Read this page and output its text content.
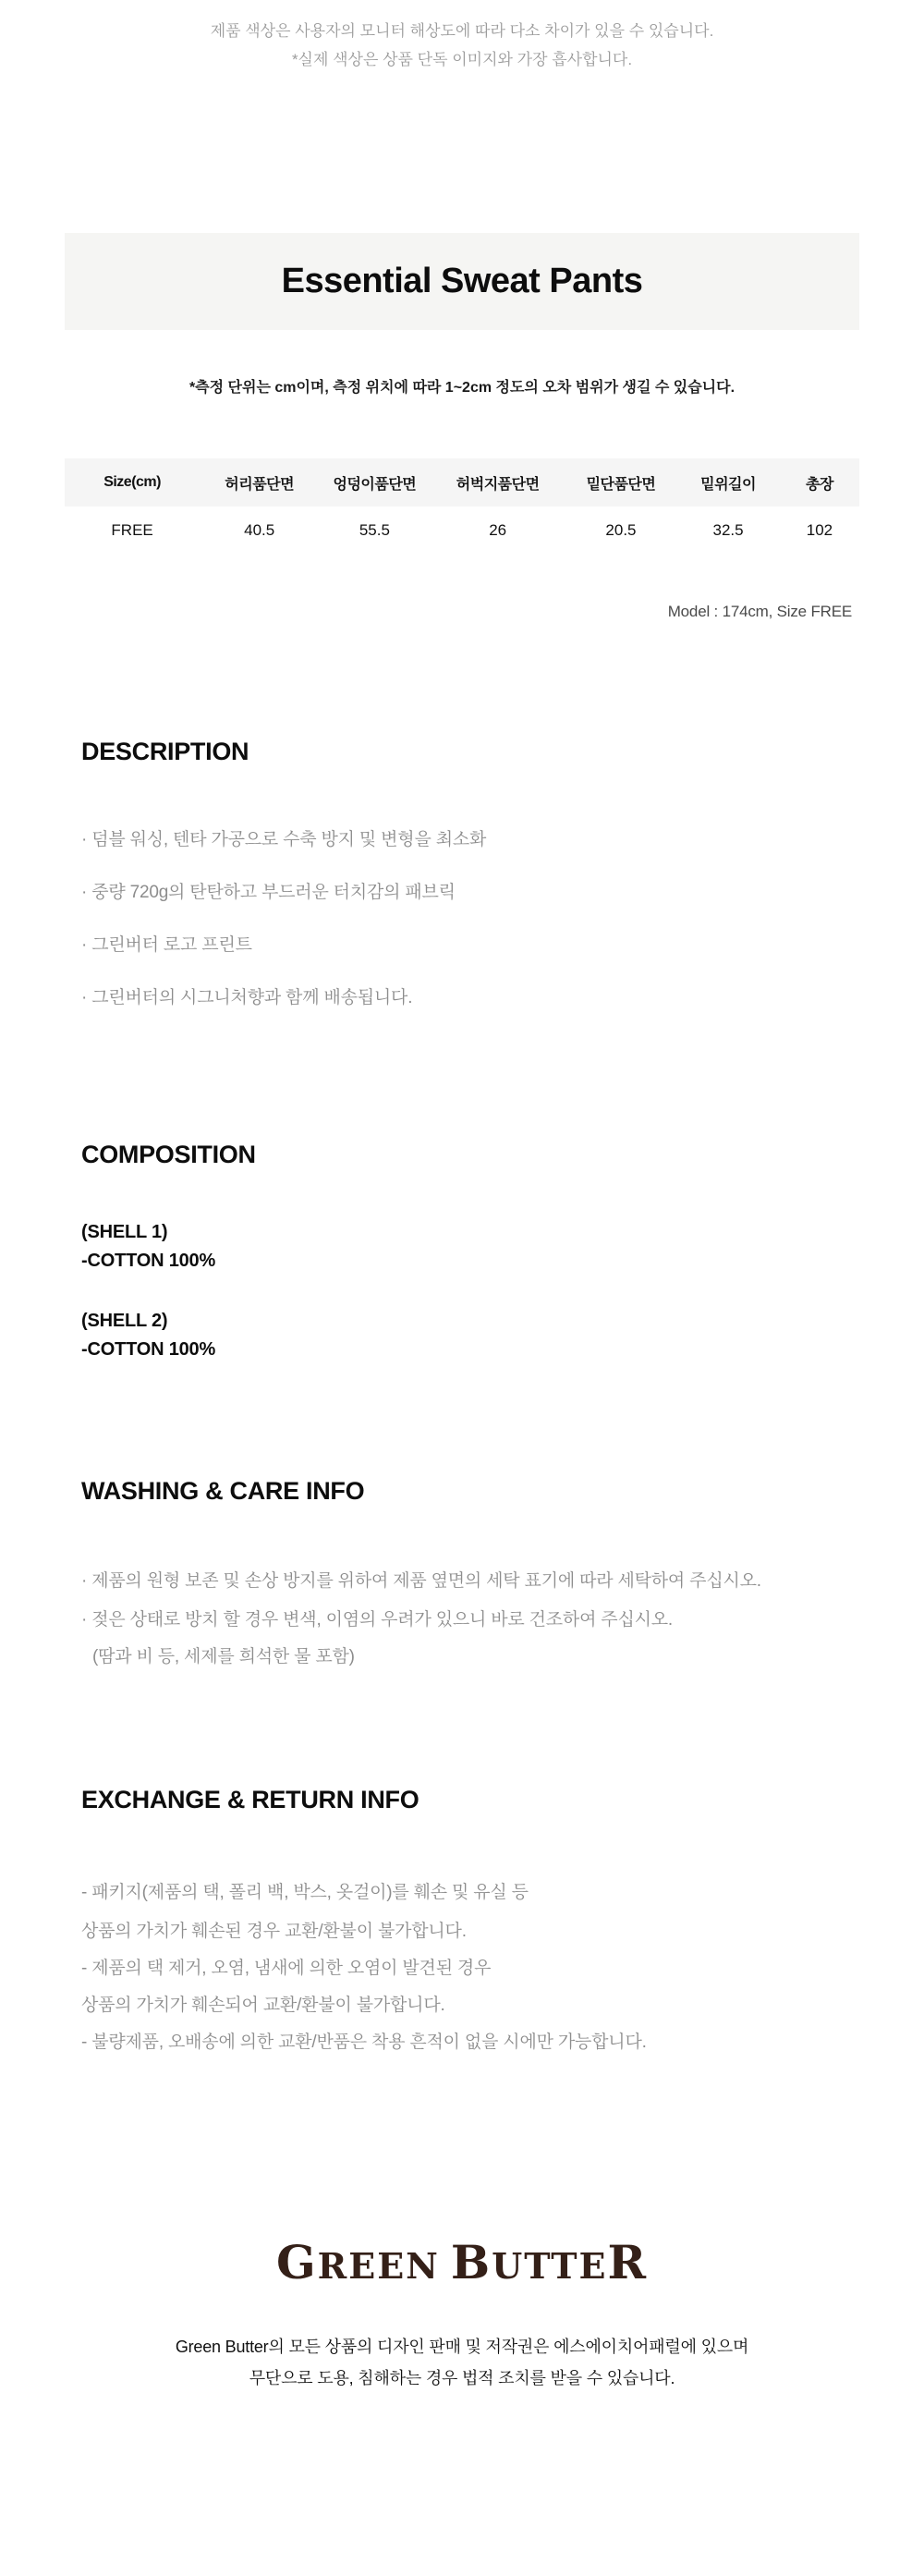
제품 색상은 사용자의 모니터 해상도에 따라 다소 차이가 있을 수 있습니다.
*실제 색상은 상품 단독 이미지와 가장 흡사합니다.
Essential Sweat Pants
*측정 단위는 cm이며, 측정 위치에 따라 1~2cm 정도의 오차 범위가 생길 수 있습니다.
Size(cm)	허리품단면	엉덩이품단면	허벅지품단면	밑단품단면	밑위길이	총장
FREE	40.5	55.5	26	20.5	32.5	102
Model : 174cm, Size FREE
DESCRIPTION
· 덤블 워싱, 텐타 가공으로 수축 방지 및 변형을 최소화
· 중량 720g의 탄탄하고 부드러운 터치감의 패브릭
· 그린버터 로고 프린트
· 그린버터의 시그니처향과 함께 배송됩니다.
COMPOSITION
(SHELL 1)
-COTTON 100%
(SHELL 2)
-COTTON 100%
WASHING & CARE INFO
· 제품의 원형 보존 및 손상 방지를 위하여 제품 옆면의 세탁 표기에 따라 세탁하여 주십시오.
· 젖은 상태로 방치 할 경우 변색, 이염의 우려가 있으니 바로 건조하여 주십시오.
(땀과 비 등, 세제를 희석한 물 포함)
EXCHANGE & RETURN INFO
- 패키지(제품의 택, 폴리 백, 박스, 옷걸이)를 훼손 및 유실 등
상품의 가치가 훼손된 경우 교환/환불이 불가합니다.
- 제품의 택 제거, 오염, 냄새에 의한 오염이 발견된 경우
상품의 가치가 훼손되어 교환/환불이 불가합니다.
- 불량제품, 오배송에 의한 교환/반품은 착용 흔적이 없을 시에만 가능합니다.
GREEN BUTTER
Green Butter의 모든 상품의 디자인 판매 및 저작권은 에스에이치어패럴에 있으며
무단으로 도용, 침해하는 경우 법적 조치를 받을 수 있습니다.
